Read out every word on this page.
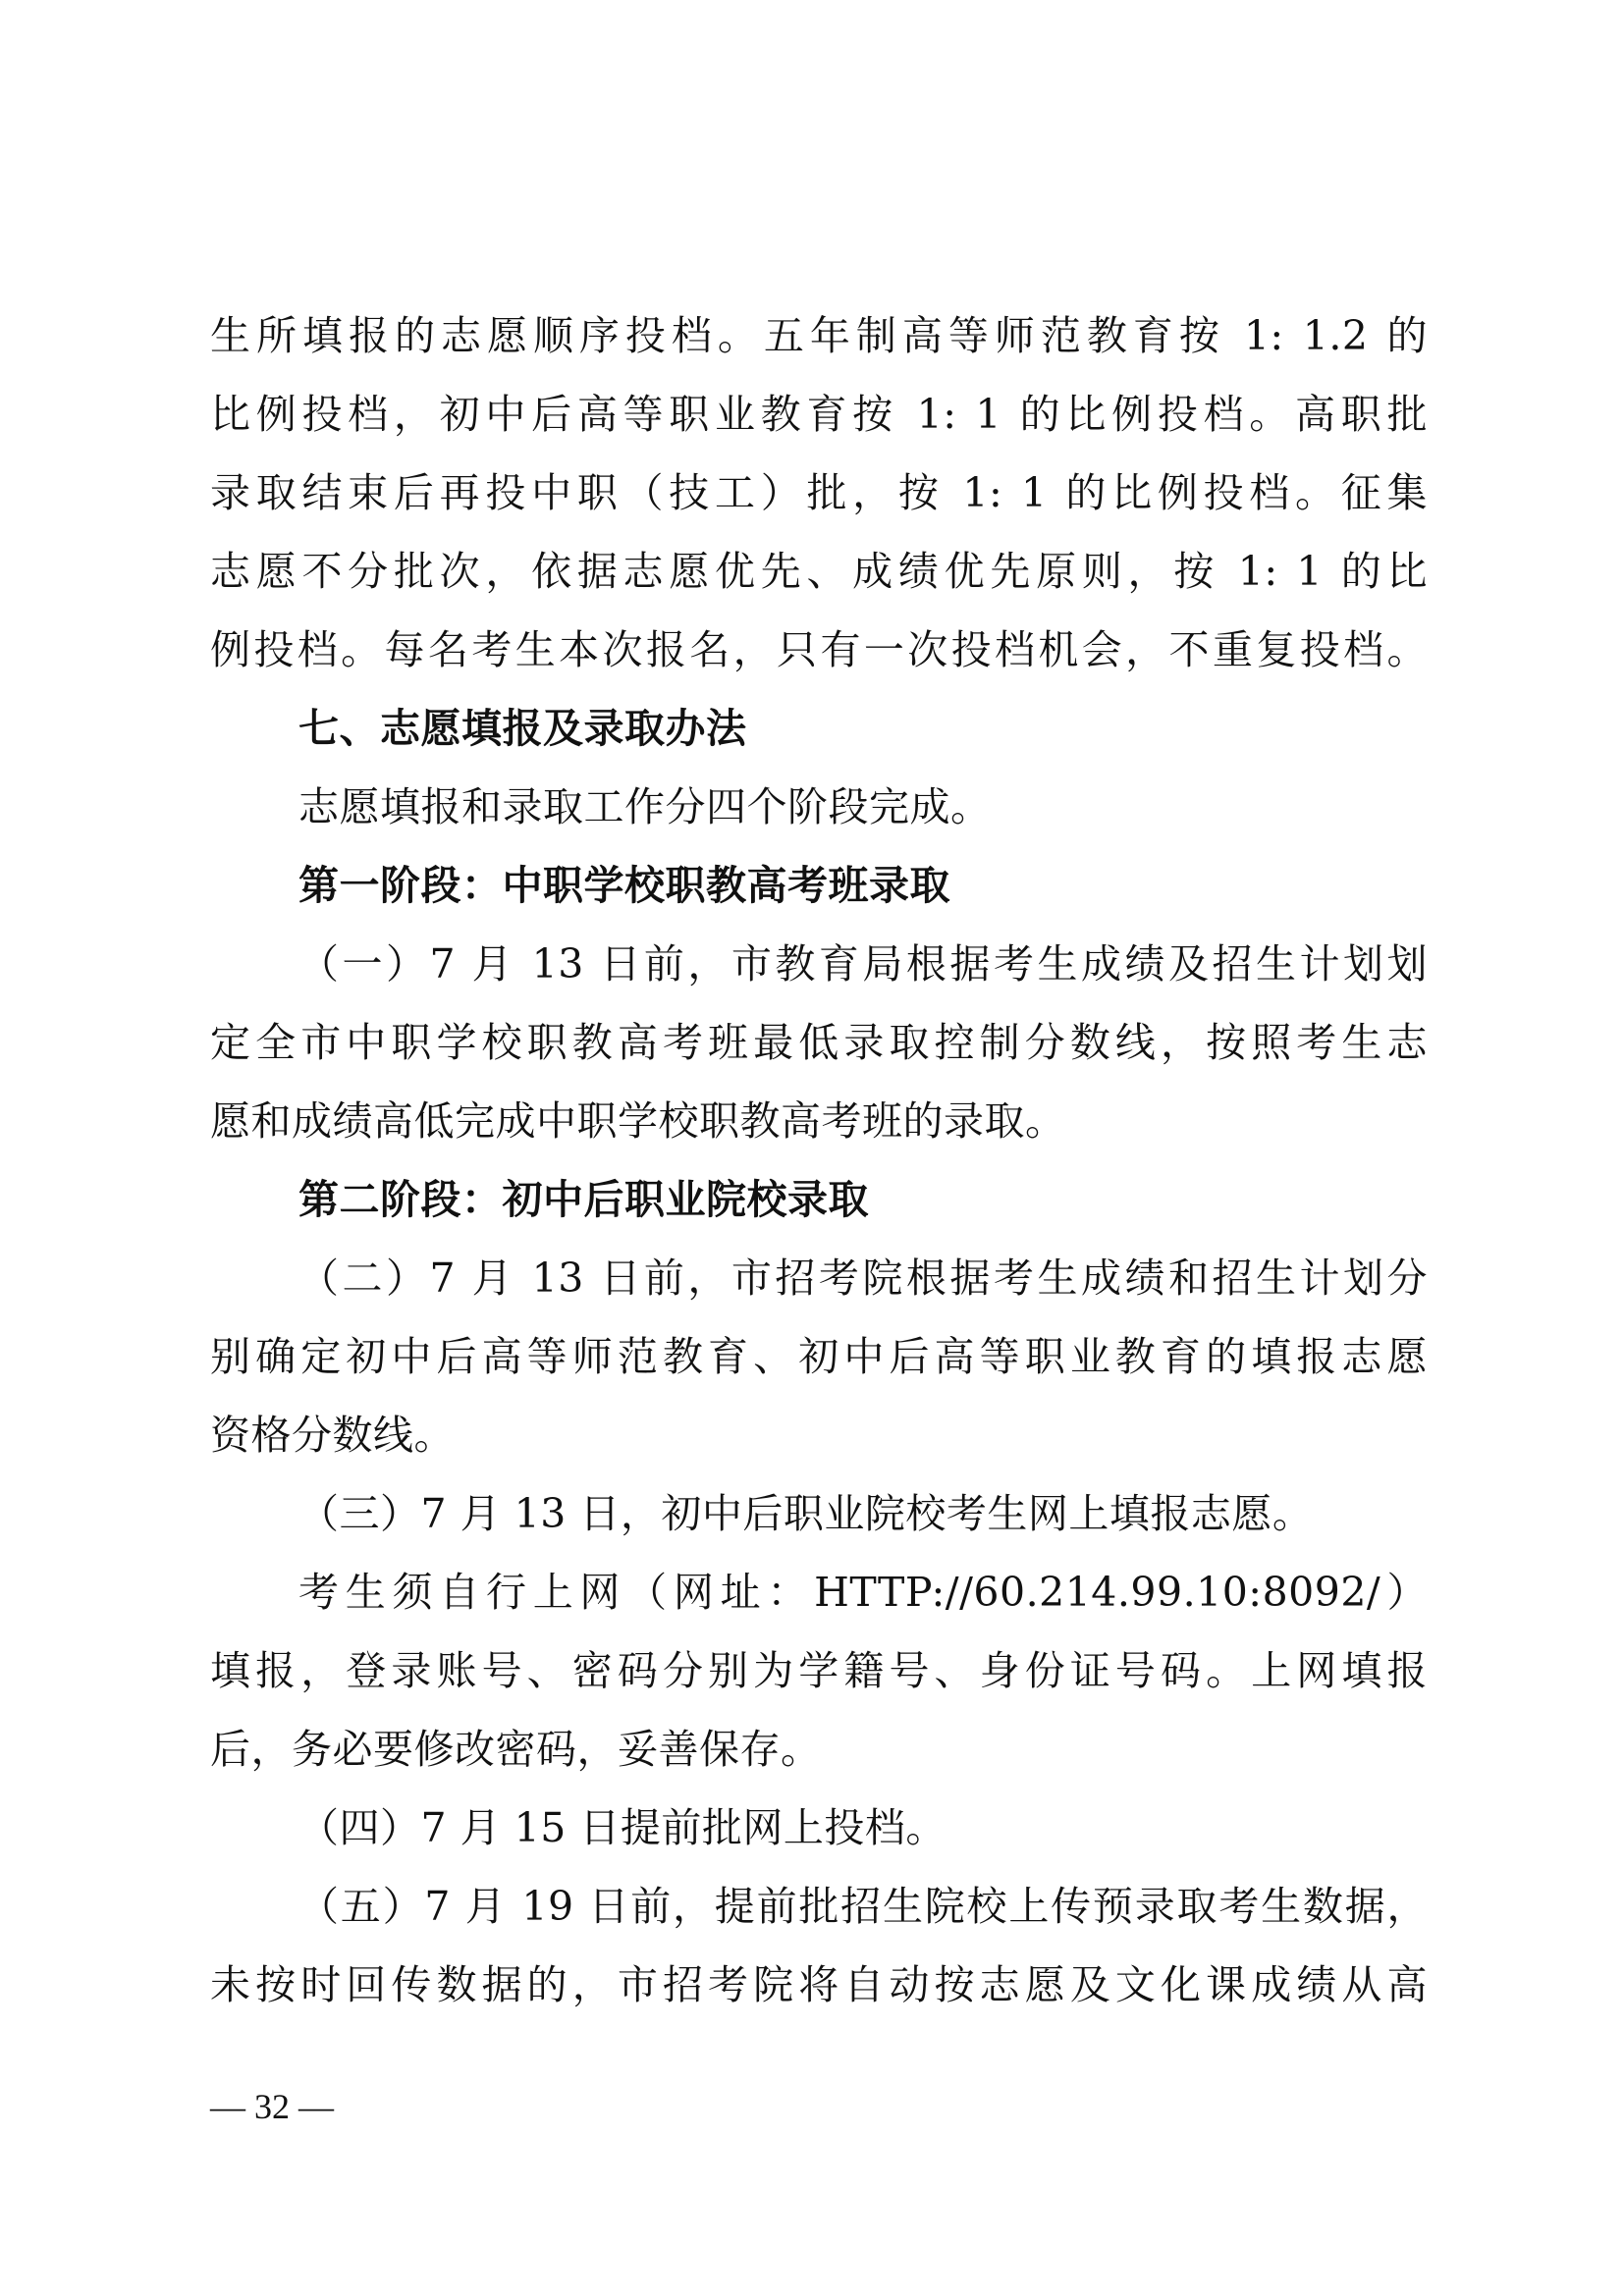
生所填报的志愿顺序投档。五年制高等师范教育按 1: 1.2 的
比例投档，初中后高等职业教育按 1: 1 的比例投档。高职批
录取结束后再投中职（技工）批，按 1: 1 的比例投档。征集
志愿不分批次，依据志愿优先、成绩优先原则，按 1: 1 的比
例投档。每名考生本次报名，只有一次投档机会，不重复投档。
七、志愿填报及录取办法
志愿填报和录取工作分四个阶段完成。
第一阶段：中职学校职教高考班录取
（一）7 月 13 日前，市教育局根据考生成绩及招生计划划
定全市中职学校职教高考班最低录取控制分数线，按照考生志
愿和成绩高低完成中职学校职教高考班的录取。
第二阶段：初中后职业院校录取
（二）7 月 13 日前，市招考院根据考生成绩和招生计划分
别确定初中后高等师范教育、初中后高等职业教育的填报志愿
资格分数线。
（三）7 月 13 日，初中后职业院校考生网上填报志愿。
考生须自行上网（网址：HTTP://60.214.99.10:8092/）
填报，登录账号、密码分别为学籍号、身份证号码。上网填报
后，务必要修改密码，妥善保存。
（四）7 月 15 日提前批网上投档。
（五）7 月 19 日前，提前批招生院校上传预录取考生数据，
未按时回传数据的，市招考院将自动按志愿及文化课成绩从高
— 32 —
